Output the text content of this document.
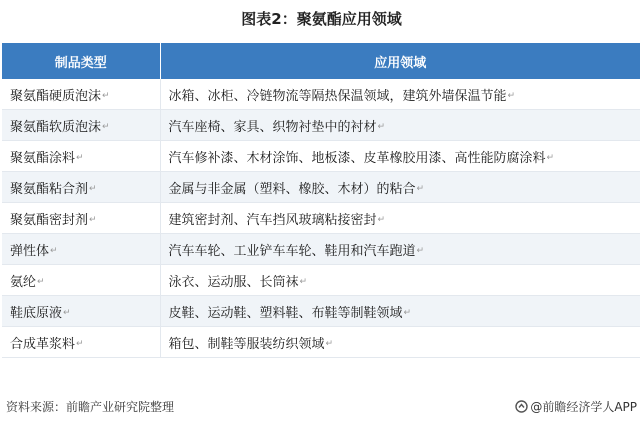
图表2：聚氨酯应用领域
制品类型	应用领域
聚氨酯硬质泡沫↵	冰箱、冰柜、冷链物流等隔热保温领域，建筑外墙保温节能↵
聚氨酯软质泡沫↵	汽车座椅、家具、织物衬垫中的衬材↵
聚氨酯涂料↵	汽车修补漆、木材涂饰、地板漆、皮革橡胶用漆、高性能防腐涂料↵
聚氨酯粘合剂↵	金属与非金属（塑料、橡胶、木材）的粘合↵
聚氨酯密封剂↵	建筑密封剂、汽车挡风玻璃粘接密封↵
弹性体↵	汽车车轮、工业铲车车轮、鞋用和汽车跑道↵
氨纶↵	泳衣、运动服、长筒袜↵
鞋底原液↵	皮鞋、运动鞋、塑料鞋、布鞋等制鞋领域↵
合成革浆料↵	箱包、制鞋等服装纺织领域↵
资料来源：前瞻产业研究院整理	@前瞻经济学人APP
